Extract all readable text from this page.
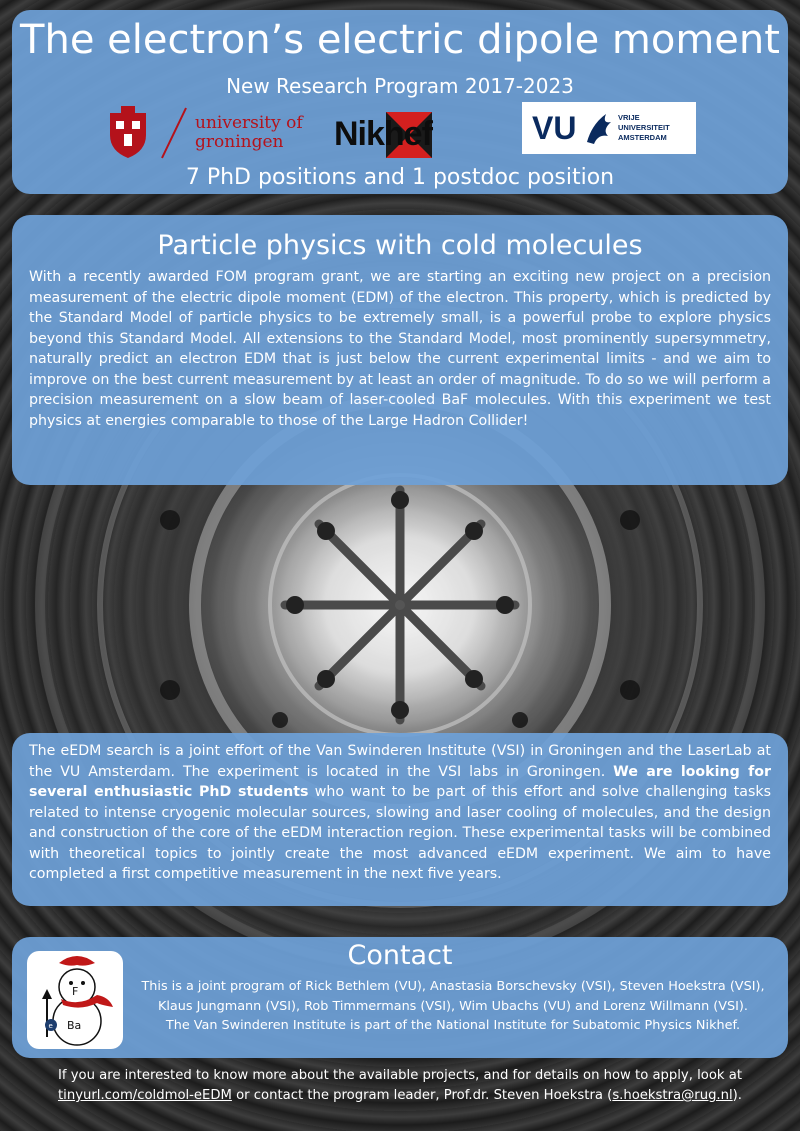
The electron’s electric dipole moment
New Research Program 2017-2023
university of
groningen	Nikhef	VU	VRIJE
UNIVERSITEIT
AMSTERDAM
7 PhD positions and 1 postdoc position
Particle physics with cold molecules

With a recently awarded FOM program grant, we are starting an exciting new project on a precision measurement of the electric dipole moment (EDM) of the electron. This property, which is predicted by the Standard Model of particle physics to be extremely small, is a powerful probe to explore physics beyond this Standard Model. All extensions to the Standard Model, most prominently supersymmetry, naturally predict an electron EDM that is just below the current experimental limits - and we aim to improve on the best current measurement by at least an order of magnitude. To do so we will perform a precision measurement on a slow beam of laser-cooled BaF molecules. With this experiment we test physics at energies comparable to those of the Large Hadron Collider!

The eEDM search is a joint effort of the Van Swinderen Institute (VSI) in Groningen and the LaserLab at the VU Amsterdam. The experiment is located in the VSI labs in Groningen. We are looking for several enthusiastic PhD students who want to be part of this effort and solve challenging tasks related to intense cryogenic molecular sources, slowing and laser cooling of molecules, and the design and construction of the core of the eEDM interaction region. These experimental tasks will be combined with theoretical topics to jointly create the most advanced eEDM experiment. We aim to have completed a first competitive measurement in the next five years.

Contact
F
Ba
e

This is a joint program of Rick Bethlem (VU), Anastasia Borschevsky (VSI), Steven Hoekstra (VSI),
Klaus Jungmann (VSI), Rob Timmermans (VSI), Wim Ubachs (VU) and Lorenz Willmann (VSI).
The Van Swinderen Institute is part of the National Institute for Subatomic Physics Nikhef.

If you are interested to know more about the available projects, and for details on how to apply, look at
tinyurl.com/coldmol-eEDM or contact the program leader, Prof.dr. Steven Hoekstra (s.hoekstra@rug.nl).
